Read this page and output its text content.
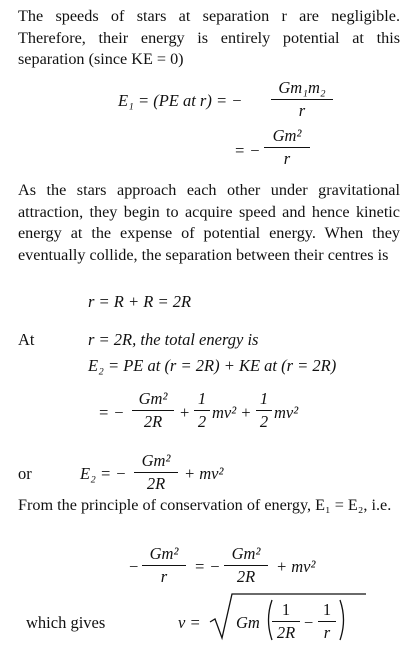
The speeds of stars at separation r are negligible. Therefore, their energy is entirely potential at this separation (since KE = 0)
E₁ = (PE at r) = −
Gm₁m₂
r
= −
Gm²
r
As the stars approach each other under gravitational attraction, they begin to acquire speed and hence kinetic energy at the expense of potential energy. When they eventually collide, the separation between their centres is
r = R + R = 2R
At	r = 2R, the total energy is
E₂ = PE at (r = 2R) + KE at (r = 2R)
= −
Gm²
2R	+
1
2 mv² +
1
2 mv²
or	E₂ = −
Gm²
2R
+ mv²
From the principle of conservation of energy, E₁ = E₂, i.e.
−
Gm²
r
= −
Gm²
2R
+ mv²
which gives	v = Gm
1
2R
−
1
r
